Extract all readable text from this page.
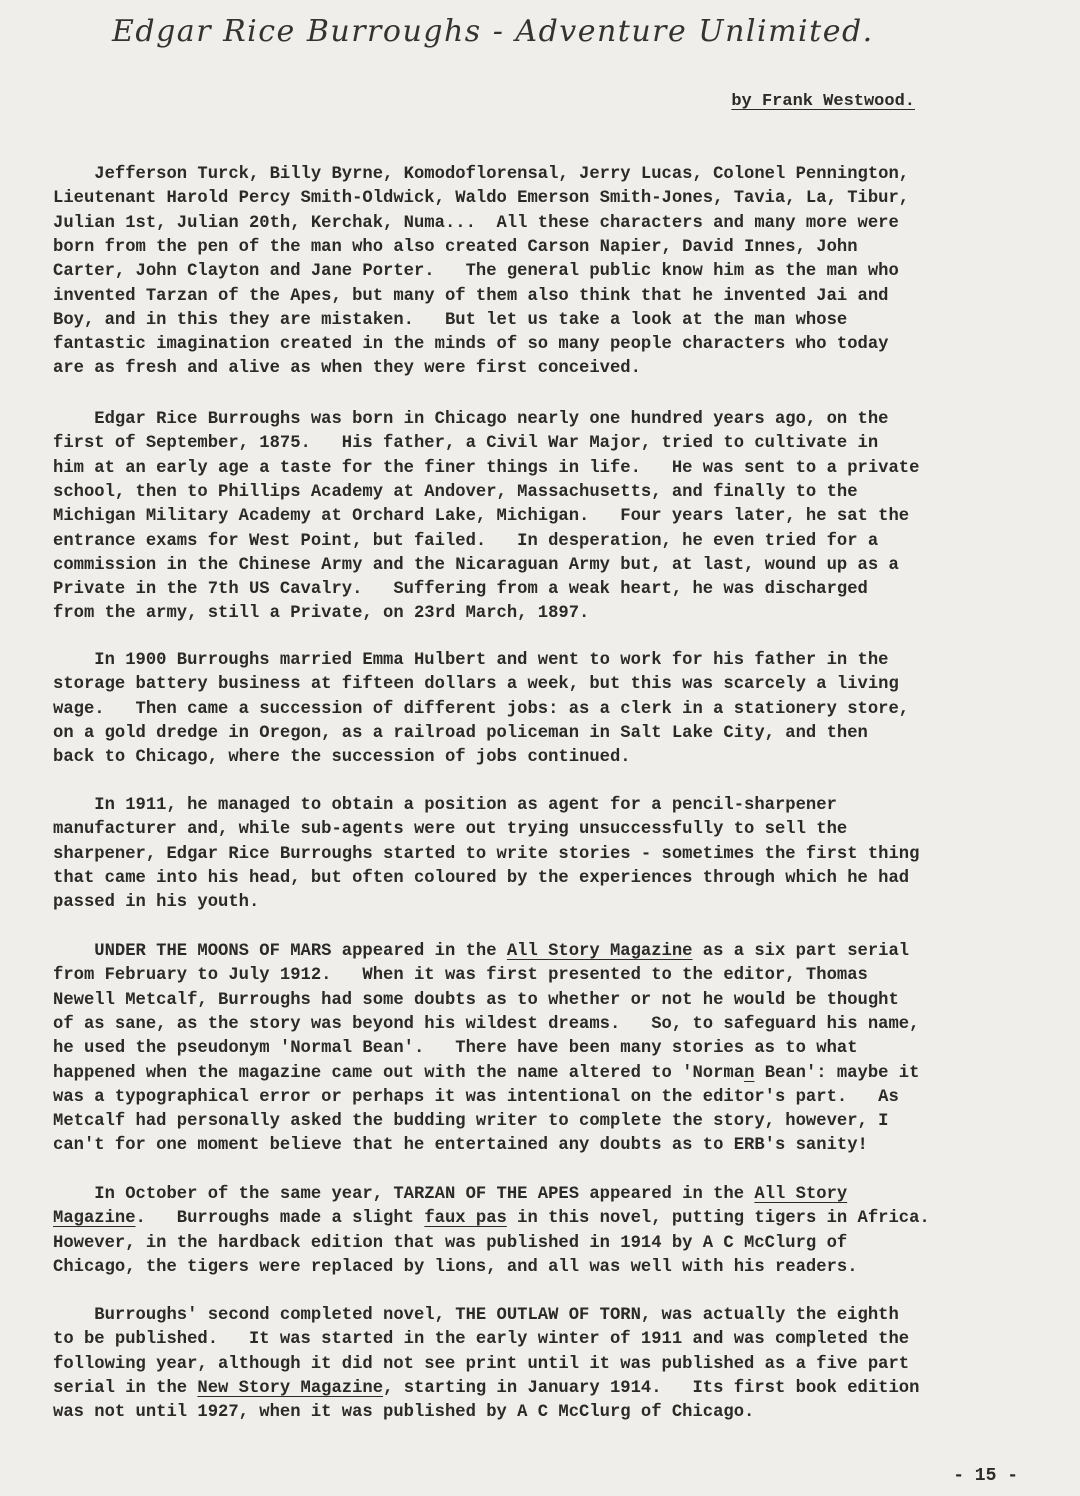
Edgar Rice Burroughs - Adventure Unlimited.
by Frank Westwood.
Jefferson Turck, Billy Byrne, Komodoflorensal, Jerry Lucas, Colonel Pennington,
Lieutenant Harold Percy Smith-Oldwick, Waldo Emerson Smith-Jones, Tavia, La, Tibur,
Julian 1st, Julian 20th, Kerchak, Numa...  All these characters and many more were
born from the pen of the man who also created Carson Napier, David Innes, John
Carter, John Clayton and Jane Porter.   The general public know him as the man who
invented Tarzan of the Apes, but many of them also think that he invented Jai and
Boy, and in this they are mistaken.   But let us take a look at the man whose
fantastic imagination created in the minds of so many people characters who today
are as fresh and alive as when they were first conceived.
Edgar Rice Burroughs was born in Chicago nearly one hundred years ago, on the
first of September, 1875.   His father, a Civil War Major, tried to cultivate in
him at an early age a taste for the finer things in life.   He was sent to a private
school, then to Phillips Academy at Andover, Massachusetts, and finally to the
Michigan Military Academy at Orchard Lake, Michigan.   Four years later, he sat the
entrance exams for West Point, but failed.   In desperation, he even tried for a
commission in the Chinese Army and the Nicaraguan Army but, at last, wound up as a
Private in the 7th US Cavalry.   Suffering from a weak heart, he was discharged
from the army, still a Private, on 23rd March, 1897.
In 1900 Burroughs married Emma Hulbert and went to work for his father in the
storage battery business at fifteen dollars a week, but this was scarcely a living
wage.   Then came a succession of different jobs: as a clerk in a stationery store,
on a gold dredge in Oregon, as a railroad policeman in Salt Lake City, and then
back to Chicago, where the succession of jobs continued.
In 1911, he managed to obtain a position as agent for a pencil-sharpener
manufacturer and, while sub-agents were out trying unsuccessfully to sell the
sharpener, Edgar Rice Burroughs started to write stories - sometimes the first thing
that came into his head, but often coloured by the experiences through which he had
passed in his youth.
UNDER THE MOONS OF MARS appeared in the All Story Magazine as a six part serial
from February to July 1912.   When it was first presented to the editor, Thomas
Newell Metcalf, Burroughs had some doubts as to whether or not he would be thought
of as sane, as the story was beyond his wildest dreams.   So, to safeguard his name,
he used the pseudonym 'Normal Bean'.   There have been many stories as to what
happened when the magazine came out with the name altered to 'Norman Bean': maybe it
was a typographical error or perhaps it was intentional on the editor's part.   As
Metcalf had personally asked the budding writer to complete the story, however, I
can't for one moment believe that he entertained any doubts as to ERB's sanity!
In October of the same year, TARZAN OF THE APES appeared in the All Story
Magazine.   Burroughs made a slight faux pas in this novel, putting tigers in Africa.
However, in the hardback edition that was published in 1914 by A C McClurg of
Chicago, the tigers were replaced by lions, and all was well with his readers.
Burroughs' second completed novel, THE OUTLAW OF TORN, was actually the eighth
to be published.   It was started in the early winter of 1911 and was completed the
following year, although it did not see print until it was published as a five part
serial in the New Story Magazine, starting in January 1914.   Its first book edition
was not until 1927, when it was published by A C McClurg of Chicago.
- 15 -
